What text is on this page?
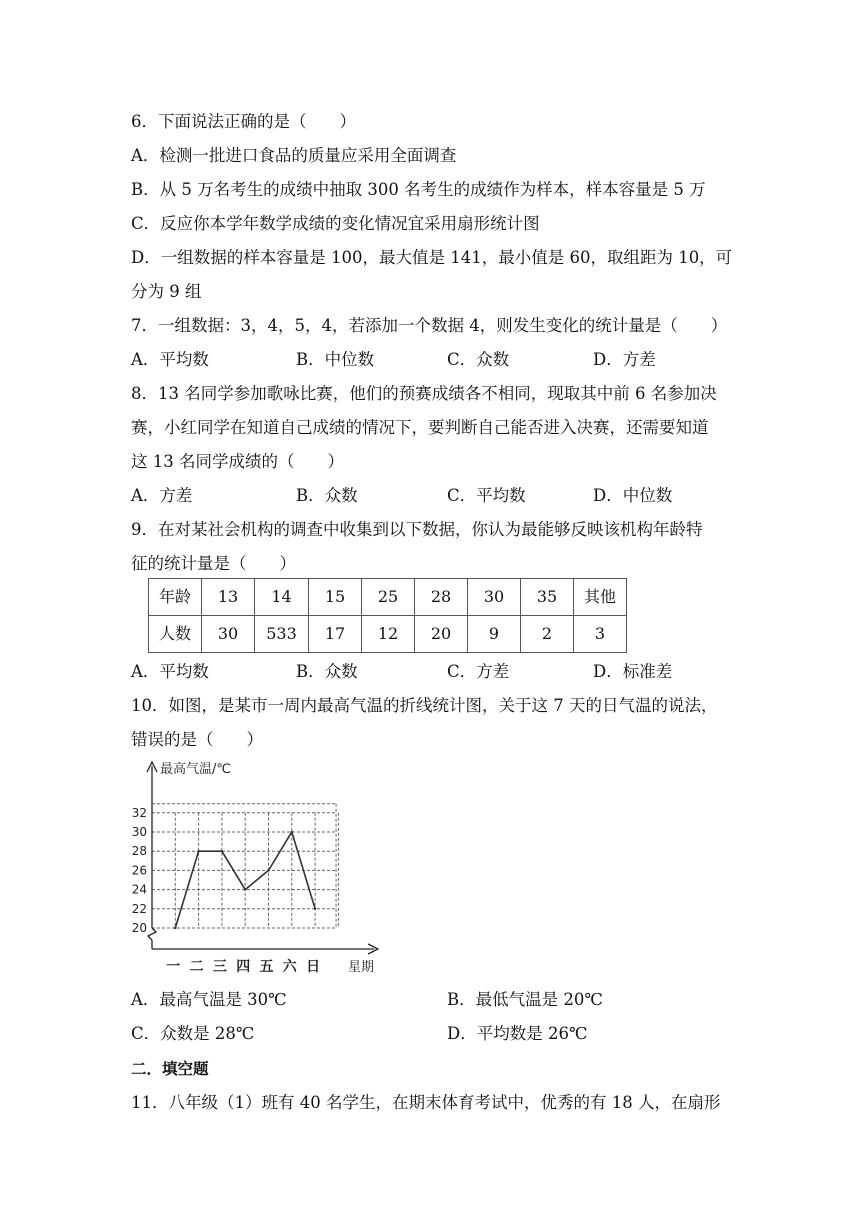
6．下面说法正确的是（　　）
A．检测一批进口食品的质量应采用全面调查
B．从 5 万名考生的成绩中抽取 300 名考生的成绩作为样本，样本容量是 5 万
C．反应你本学年数学成绩的变化情况宜采用扇形统计图
D．一组数据的样本容量是 100，最大值是 141，最小值是 60，取组距为 10，可
分为 9 组
7．一组数据：3，4，5，4，若添加一个数据 4，则发生变化的统计量是（　　）
A．平均数	B．中位数	C．众数	D．方差
8．13 名同学参加歌咏比赛，他们的预赛成绩各不相同，现取其中前 6 名参加决
赛，小红同学在知道自己成绩的情况下，要判断自己能否进入决赛，还需要知道
这 13 名同学成绩的（　　）
A．方差	B．众数	C．平均数	D．中位数
9．在对某社会机构的调查中收集到以下数据，你认为最能够反映该机构年龄特
征的统计量是（　　）
年龄	13	14	15	25	28	30	35	其他
人数	30	533	17	12	20	9	2	3
A．平均数	B．众数	C．方差	D．标准差
10．如图，是某市一周内最高气温的折线统计图，关于这 7 天的日气温的说法，
错误的是（　　）
20
22
24
26
28
30
32
一 二 三 四 五 六 日
最高气温/℃
星期
A．最高气温是 30℃	B．最低气温是 20℃
C．众数是 28℃	D．平均数是 26℃
二．填空题
11．八年级（1）班有 40 名学生，在期末体育考试中，优秀的有 18 人，在扇形
